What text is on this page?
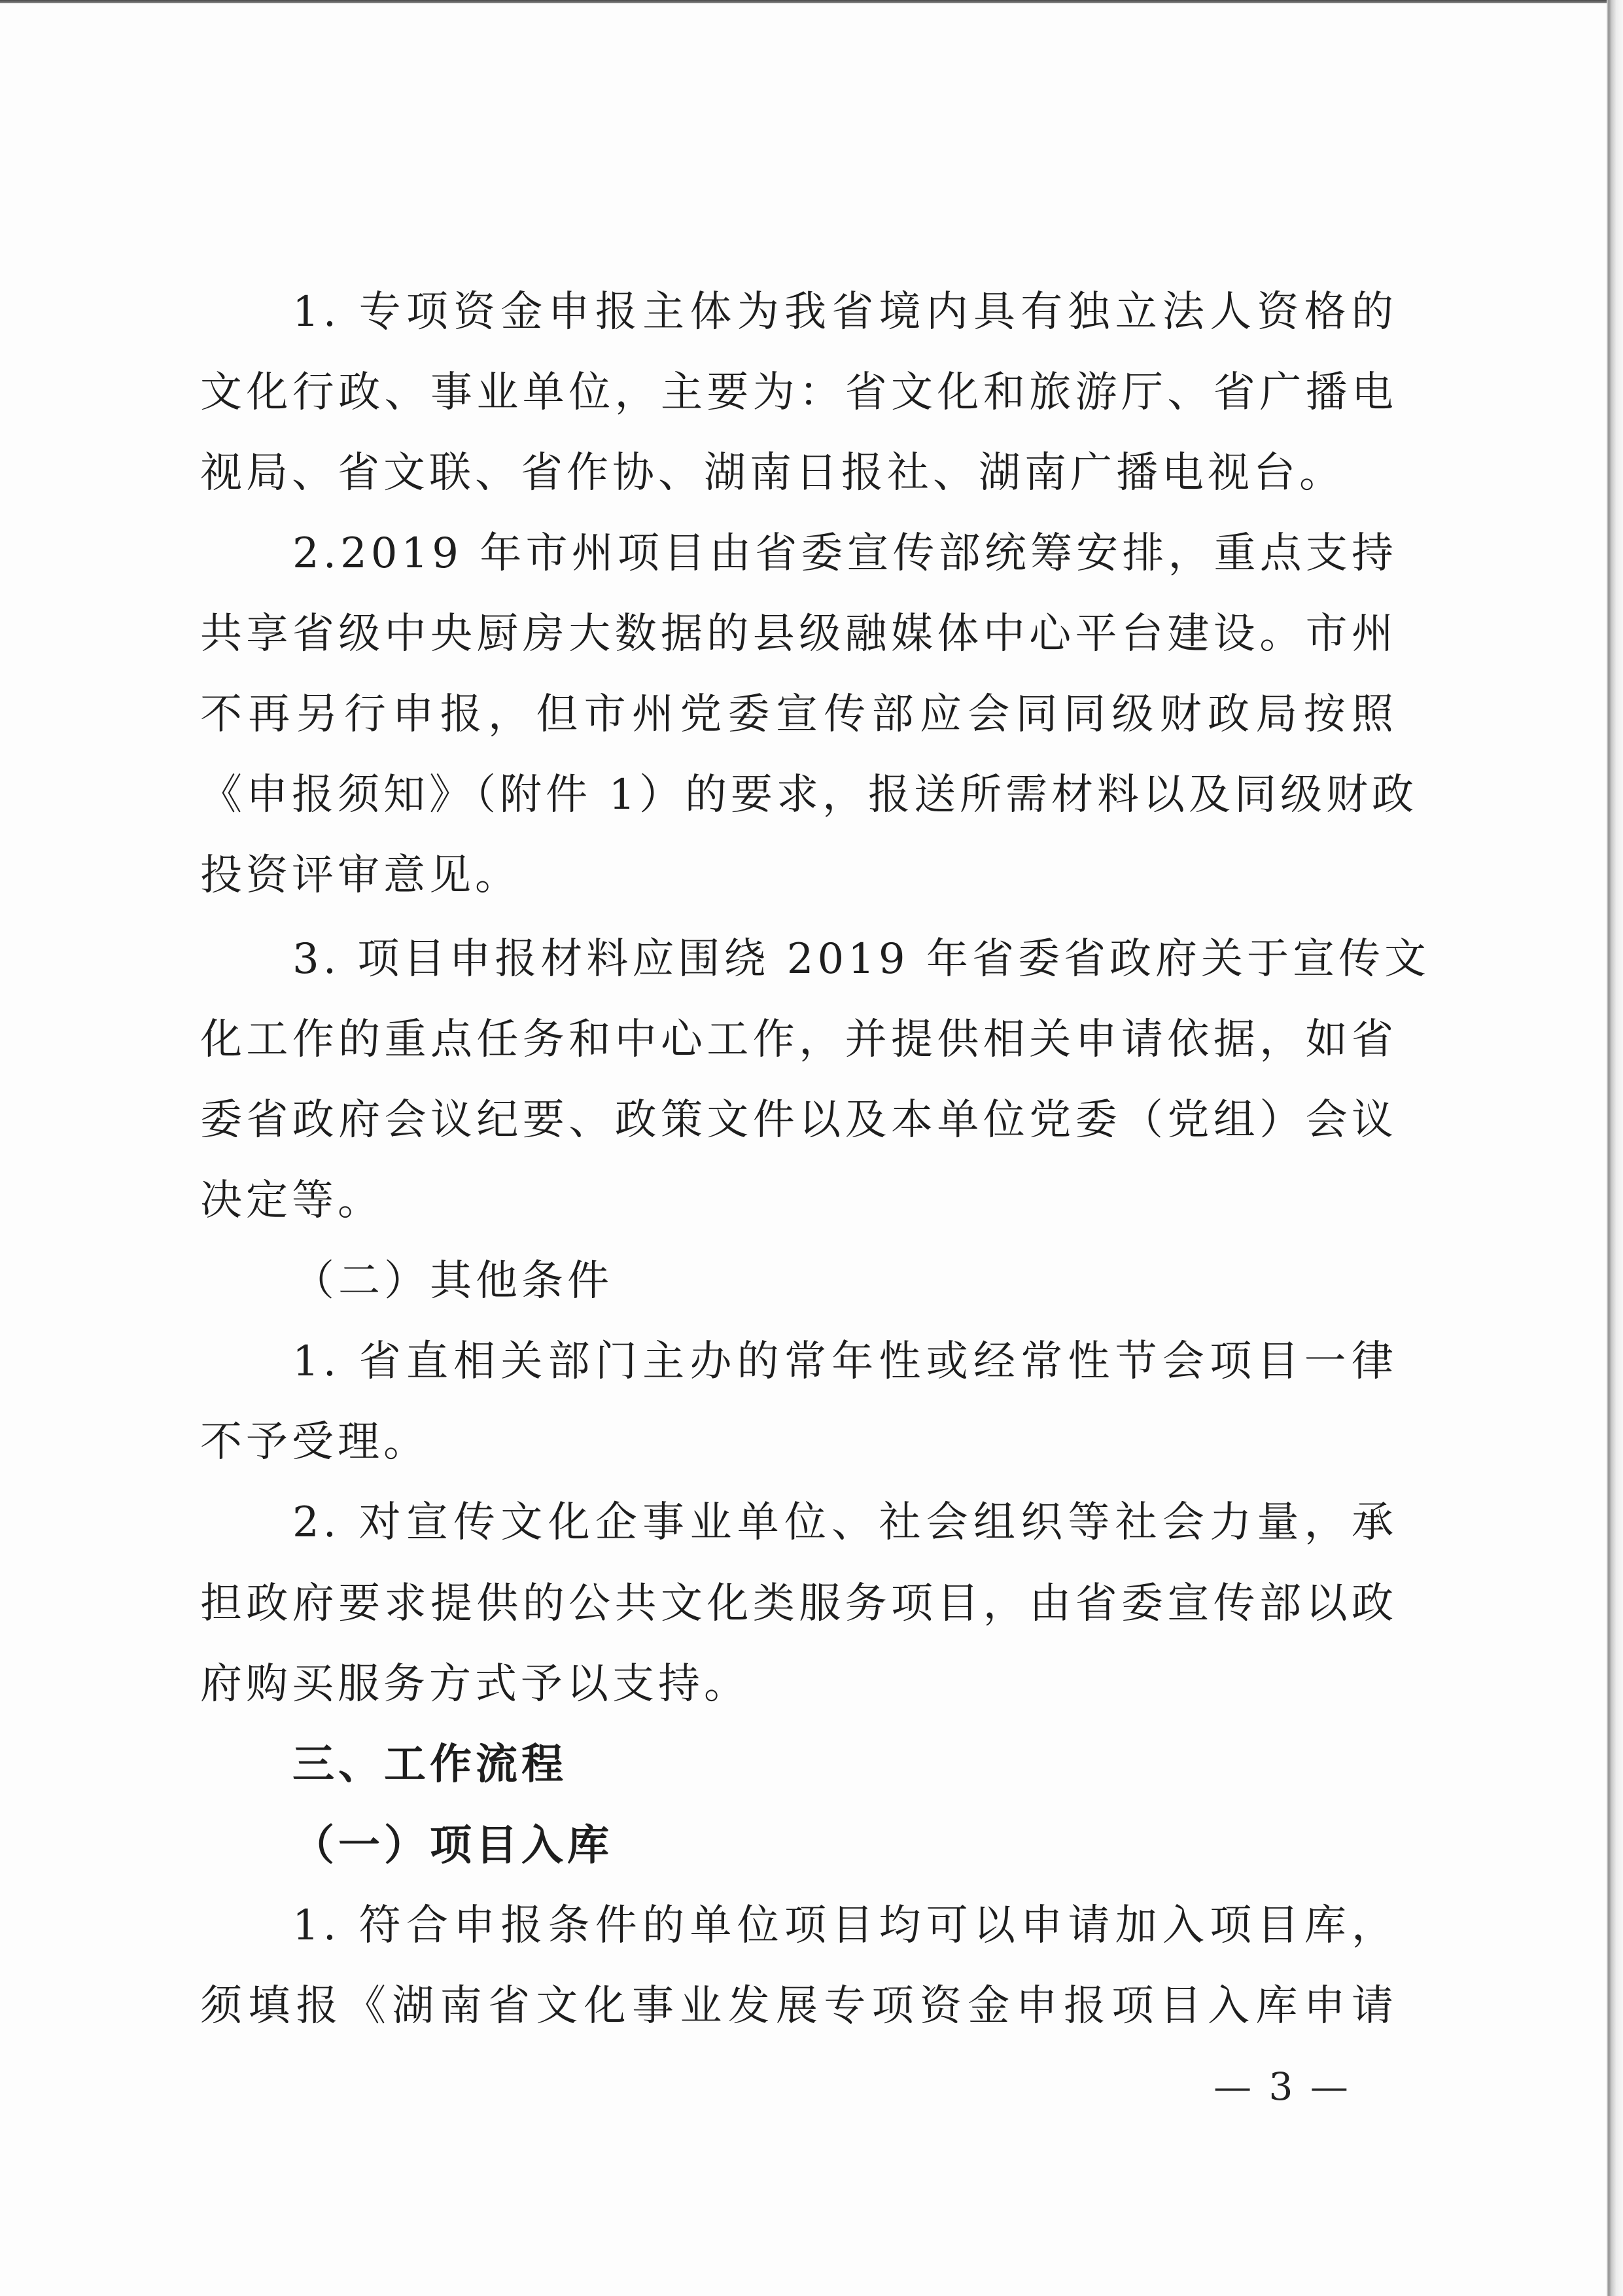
1. 专项资金申报主体为我省境内具有独立法人资格的
文化行政、事业单位，主要为：省文化和旅游厅、省广播电
视局、省文联、省作协、湖南日报社、湖南广播电视台。
2.2019 年市州项目由省委宣传部统筹安排，重点支持
共享省级中央厨房大数据的县级融媒体中心平台建设。市州
不再另行申报，但市州党委宣传部应会同同级财政局按照
《申报须知》（附件 1）的要求，报送所需材料以及同级财政
投资评审意见。
3. 项目申报材料应围绕 2019 年省委省政府关于宣传文
化工作的重点任务和中心工作，并提供相关申请依据，如省
委省政府会议纪要、政策文件以及本单位党委（党组）会议
决定等。
（二）其他条件
1. 省直相关部门主办的常年性或经常性节会项目一律
不予受理。
2. 对宣传文化企事业单位、社会组织等社会力量，承
担政府要求提供的公共文化类服务项目，由省委宣传部以政
府购买服务方式予以支持。
三、工作流程
（一）项目入库
1. 符合申报条件的单位项目均可以申请加入项目库，
须填报《湖南省文化事业发展专项资金申报项目入库申请
— 3 —
